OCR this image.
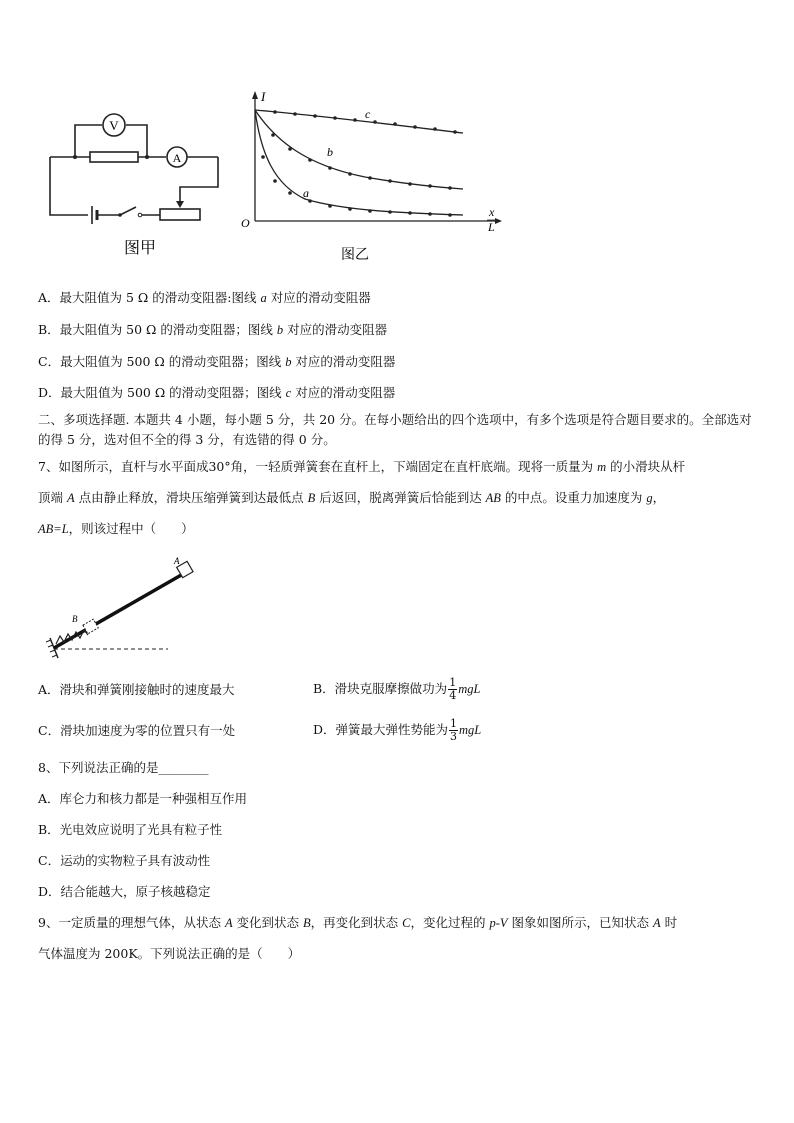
V
A
图甲
I
O
x
L
c
b
a
图乙
A．最大阻值为 5 Ω 的滑动变阻器:图线 a 对应的滑动变阻器
B．最大阻值为 50 Ω 的滑动变阻器；图线 b 对应的滑动变阻器
C．最大阻值为 500 Ω 的滑动变阻器；图线 b 对应的滑动变阻器
D．最大阻值为 500 Ω 的滑动变阻器；图线 c 对应的滑动变阻器
二、多项选择题. 本题共 4 小题，每小题 5 分，共 20 分。在每小题给出的四个选项中，有多个选项是符合题目要求的。全部选对的得 5 分，选对但不全的得 3 分，有选错的得 0 分。
7、如图所示，直杆与水平面成30°角，一轻质弹簧套在直杆上，下端固定在直杆底端。现将一质量为 m 的小滑块从杆
顶端 A 点由静止释放，滑块压缩弹簧到达最低点 B 后返回，脱离弹簧后恰能到达 AB 的中点。设重力加速度为 g，
AB=L，则该过程中（　　）
A
B
A．滑块和弹簧刚接触时的速度最大	B．滑块克服摩擦做功为 $\frac{1}{4}$ mgL
C．滑块加速度为零的位置只有一处	D．弹簧最大弹性势能为 $\frac{1}{3}$ mgL
8、下列说法正确的是________
A．库仑力和核力都是一种强相互作用
B．光电效应说明了光具有粒子性
C．运动的实物粒子具有波动性
D．结合能越大，原子核越稳定
9、一定质量的理想气体，从状态 A 变化到状态 B，再变化到状态 C，变化过程的 p-V 图象如图所示，已知状态 A 时
气体温度为 200K。下列说法正确的是（　　）
